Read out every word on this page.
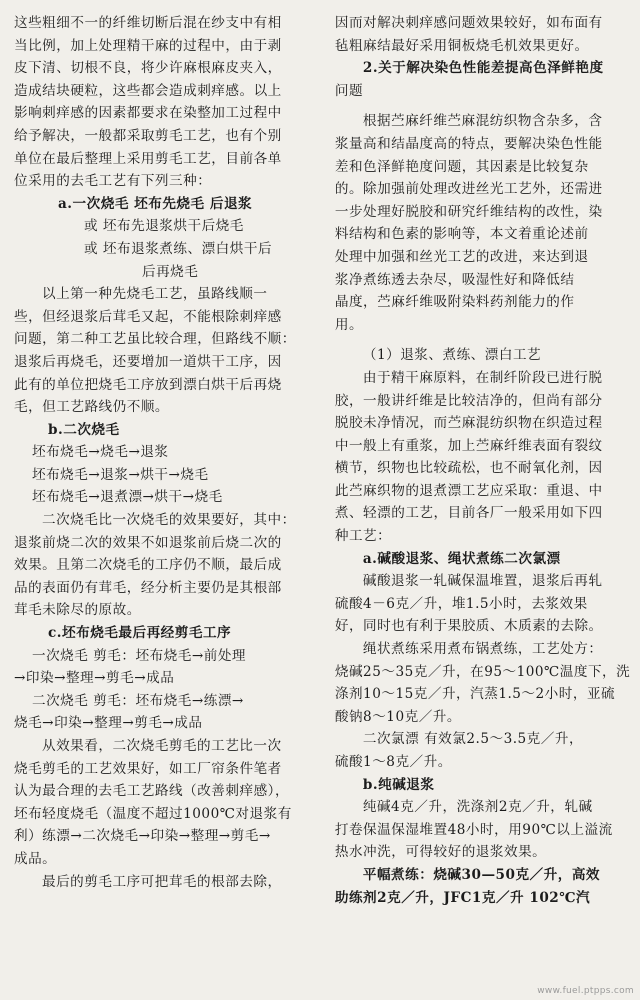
这些粗细不一的纤维切断后混在纱支中有相

当比例，加上处理精干麻的过程中，由于剥

皮下清、切根不良，将少许麻根麻皮夹入，

造成结块硬粒，这些都会造成刺痒感。以上

影响刺痒感的因素都要求在染整加工过程中

给予解决，一般都采取剪毛工艺，也有个别

单位在最后整理上采用剪毛工艺，目前各单

位采用的去毛工艺有下列三种：

a.一次烧毛 坯布先烧毛 后退浆

或 坯布先退浆烘干后烧毛

或 坯布退浆煮练、漂白烘干后

后再烧毛

以上第一种先烧毛工艺，虽路线顺一

些，但经退浆后茸毛又起，不能根除刺痒感

问题，第二种工艺虽比较合理，但路线不顺：

退浆后再烧毛，还要增加一道烘干工序，因

此有的单位把烧毛工序放到漂白烘干后再烧

毛，但工艺路线仍不顺。

b.二次烧毛

坯布烧毛→烧毛→退浆

坯布烧毛→退浆→烘干→烧毛

坯布烧毛→退煮漂→烘干→烧毛

二次烧毛比一次烧毛的效果要好，其中：

退浆前烧二次的效果不如退浆前后烧二次的

效果。且第二次烧毛的工序仍不顺，最后成

品的表面仍有茸毛，经分析主要仍是其根部

茸毛未除尽的原故。

c.坯布烧毛最后再经剪毛工序

一次烧毛 剪毛：坯布烧毛→前处理

→印染→整理→剪毛→成品

二次烧毛 剪毛：坯布烧毛→练漂→

烧毛→印染→整理→剪毛→成品

从效果看，二次烧毛剪毛的工艺比一次

烧毛剪毛的工艺效果好，如工厂帘条件笔者

认为最合理的去毛工艺路线（改善刺痒感），

坯布轻度烧毛（温度不超过1000℃对退浆有

利）练漂→二次烧毛→印染→整理→剪毛→

成品。

最后的剪毛工序可把茸毛的根部去除，

因而对解决刺痒感问题效果较好，如布面有

毡粗麻结最好采用铜板烧毛机效果更好。

2.关于解决染色性能差提高色泽鲜艳度

问题

根据苎麻纤维苎麻混纺织物含杂多，含

浆量高和结晶度高的特点，要解决染色性能

差和色泽鲜艳度问题，其因素是比较复杂

的。除加强前处理改进丝光工艺外，还需进

一步处理好脱胶和研究纤维结构的改性，染

料结构和色素的影响等，本文着重论述前

处理中加强和丝光工艺的改进，来达到退

浆净煮练透去杂尽，吸湿性好和降低结

晶度，苎麻纤维吸附染料药剂能力的作

用。

（1）退浆、煮练、漂白工艺

由于精干麻原料，在制纤阶段已进行脱

胶，一般讲纤维是比较洁净的，但尚有部分

脱胶未净情况，而苎麻混纺织物在织造过程

中一般上有重浆，加上苎麻纤维表面有裂纹

横节，织物也比较疏松，也不耐氧化剂，因

此苎麻织物的退煮漂工艺应采取：重退、中

煮、轻漂的工艺，目前各厂一般采用如下四

种工艺：

a.碱酸退浆、绳状煮练二次氯漂

碱酸退浆一轧碱保温堆置，退浆后再轧

硫酸4－6克／升，堆1.5小时，去浆效果

好，同时也有利于果胶质、木质素的去除。

绳状煮练采用煮布锅煮练，工艺处方：

烧碱25～35克／升，在95～100℃温度下，洗

涤剂10～15克／升，汽蒸1.5～2小时，亚硫

酸钠8～10克／升。

二次氯漂 有效氯2.5～3.5克／升，

硫酸1～8克／升。

b.纯碱退浆

纯碱4克／升，洗涤剂2克／升，轧碱

打卷保温保湿堆置48小时，用90℃以上溢流

热水冲洗，可得较好的退浆效果。

平幅煮练：烧碱30—50克／升，高效

助练剂2克／升，JFC1克／升 102℃汽

www.fuel.ptpps.com
